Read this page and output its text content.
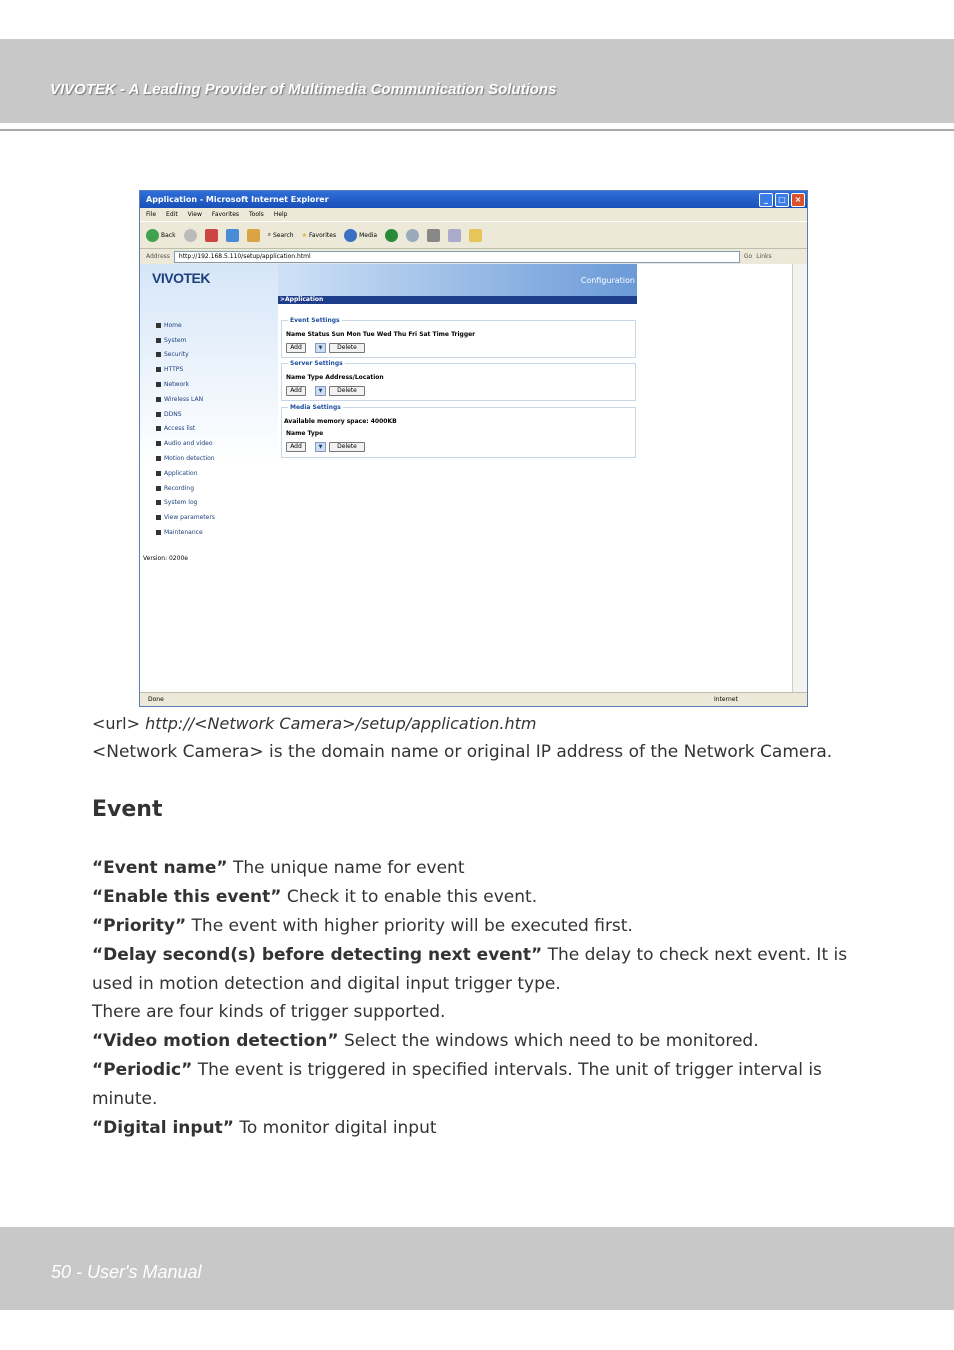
VIVOTEK - A Leading Provider of Multimedia Communication Solutions
Application - Microsoft Internet Explorer	_	□	×
File Edit View Favorites Tools Help
Back	⌕ Search ★ Favorites	Media
Address	http://192.168.5.110/setup/application.html	Go Links
VIVOTEK
Home
System
Security
HTTPS
Network
Wireless LAN
DDNS
Access list
Audio and video
Motion detection
Application
Recording
System log
View parameters
Maintenance
Version: 0200e
Configuration
>Application
Event Settings
Name Status Sun Mon Tue Wed Thu Fri Sat Time Trigger
Add	▼	Delete
Server Settings
Name Type Address/Location
Add	▼	Delete
Media Settings
Available memory space: 4000KB
Name Type
Add	▼	Delete
Done	Internet
<url> http://<Network Camera>/setup/application.htm
<Network Camera> is the domain name or original IP address of the Network Camera.
Event
“Event name” The unique name for event
“Enable this event” Check it to enable this event.
“Priority” The event with higher priority will be executed first.
“Delay second(s) before detecting next event” The delay to check next event. It is used in motion detection and digital input trigger type.
There are four kinds of trigger supported.
“Video motion detection” Select the windows which need to be monitored.
“Periodic” The event is triggered in specified intervals. The unit of trigger interval is minute.
“Digital input” To monitor digital input
50 - User's Manual
